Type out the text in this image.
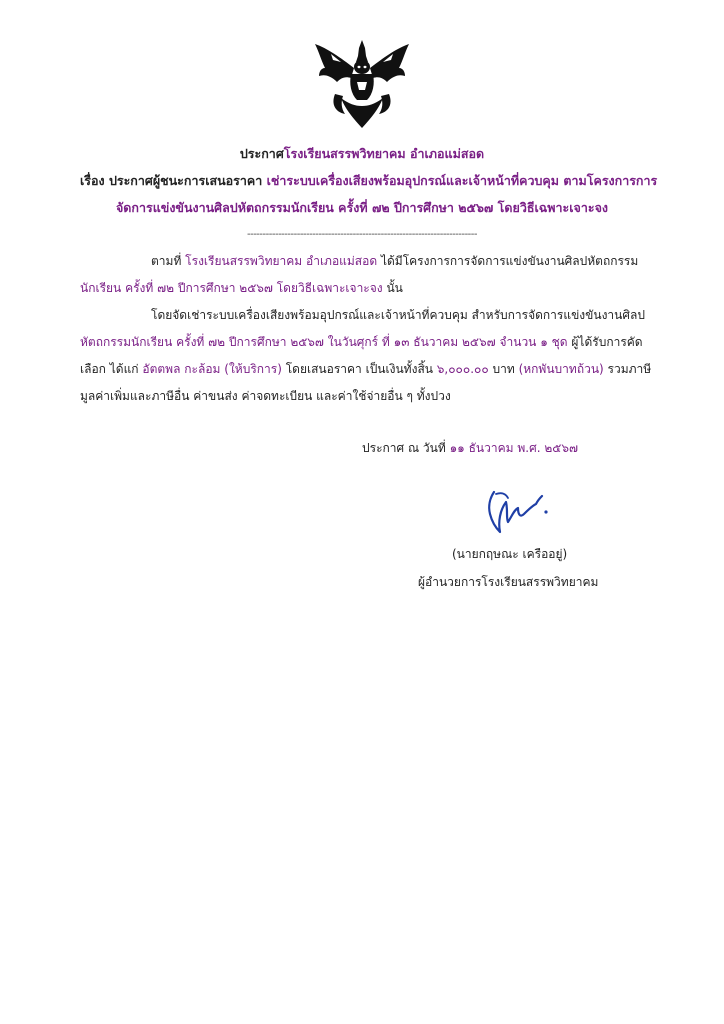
ประกาศโรงเรียนสรรพวิทยาคม อำเภอแม่สอด
เรื่อง ประกาศผู้ชนะการเสนอราคา เช่าระบบเครื่องเสียงพร้อมอุปกรณ์และเจ้าหน้าที่ควบคุม ตามโครงการการ
จัดการแข่งขันงานศิลปหัตถกรรมนักเรียน ครั้งที่ ๗๒ ปีการศึกษา ๒๕๖๗ โดยวิธีเฉพาะเจาะจง
--------------------------------------------------------------------------
ตามที่ โรงเรียนสรรพวิทยาคม อำเภอแม่สอด ได้มีโครงการการจัดการแข่งขันงานศิลปหัตถกรรม
นักเรียน ครั้งที่ ๗๒ ปีการศึกษา ๒๕๖๗ โดยวิธีเฉพาะเจาะจง นั้น
โดยจัดเช่าระบบเครื่องเสียงพร้อมอุปกรณ์และเจ้าหน้าที่ควบคุม สำหรับการจัดการแข่งขันงานศิลป
หัตถกรรมนักเรียน ครั้งที่ ๗๒ ปีการศึกษา ๒๕๖๗ ในวันศุกร์ ที่ ๑๓ ธันวาคม ๒๕๖๗ จำนวน ๑ ชุด ผู้ได้รับการคัด
เลือก ได้แก่ อัตตพล กะล้อม (ให้บริการ) โดยเสนอราคา เป็นเงินทั้งสิ้น ๖,๐๐๐.๐๐ บาท (หกพันบาทถ้วน) รวมภาษี
มูลค่าเพิ่มและภาษีอื่น ค่าขนส่ง ค่าจดทะเบียน และค่าใช้จ่ายอื่น ๆ ทั้งปวง
ประกาศ ณ วันที่ ๑๑ ธันวาคม พ.ศ. ๒๕๖๗
(นายกฤษณะ เครืออยู่)
ผู้อำนวยการโรงเรียนสรรพวิทยาคม
